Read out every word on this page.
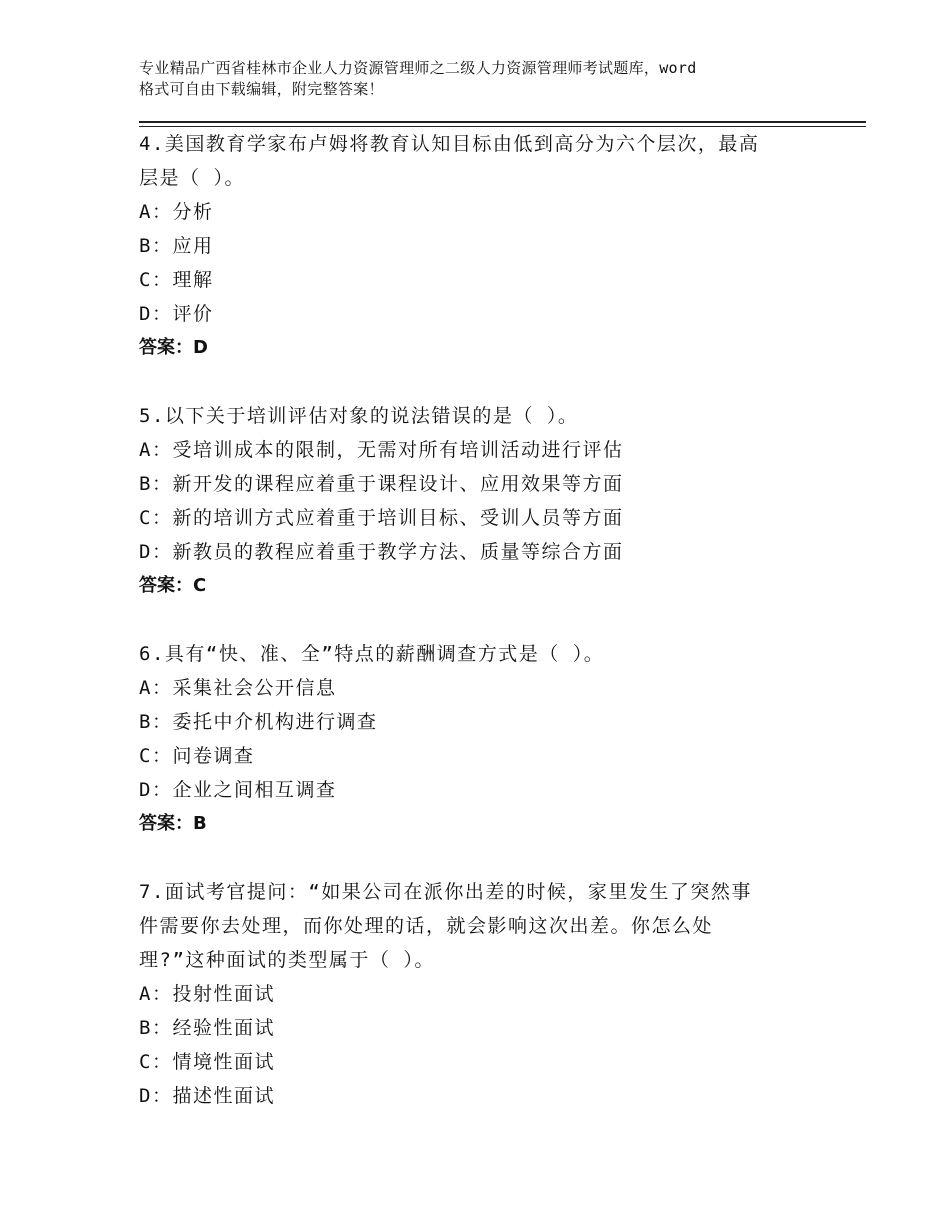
专业精品广西省桂林市企业人力资源管理师之二级人力资源管理师考试题库，word
格式可自由下载编辑，附完整答案！
4.美国教育学家布卢姆将教育认知目标由低到高分为六个层次，最高
层是（ ）。
A：分析
B：应用
C：理解
D：评价
答案：D
5.以下关于培训评估对象的说法错误的是（ ）。
A：受培训成本的限制，无需对所有培训活动进行评估
B：新开发的课程应着重于课程设计、应用效果等方面
C：新的培训方式应着重于培训目标、受训人员等方面
D：新教员的教程应着重于教学方法、质量等综合方面
答案：C
6.具有“快、准、全”特点的薪酬调查方式是（ ）。
A：采集社会公开信息
B：委托中介机构进行调查
C：问卷调查
D：企业之间相互调查
答案：B
7.面试考官提问：“如果公司在派你出差的时候，家里发生了突然事
件需要你去处理，而你处理的话，就会影响这次出差。你怎么处
理?”这种面试的类型属于（ ）。
A：投射性面试
B：经验性面试
C：情境性面试
D：描述性面试
